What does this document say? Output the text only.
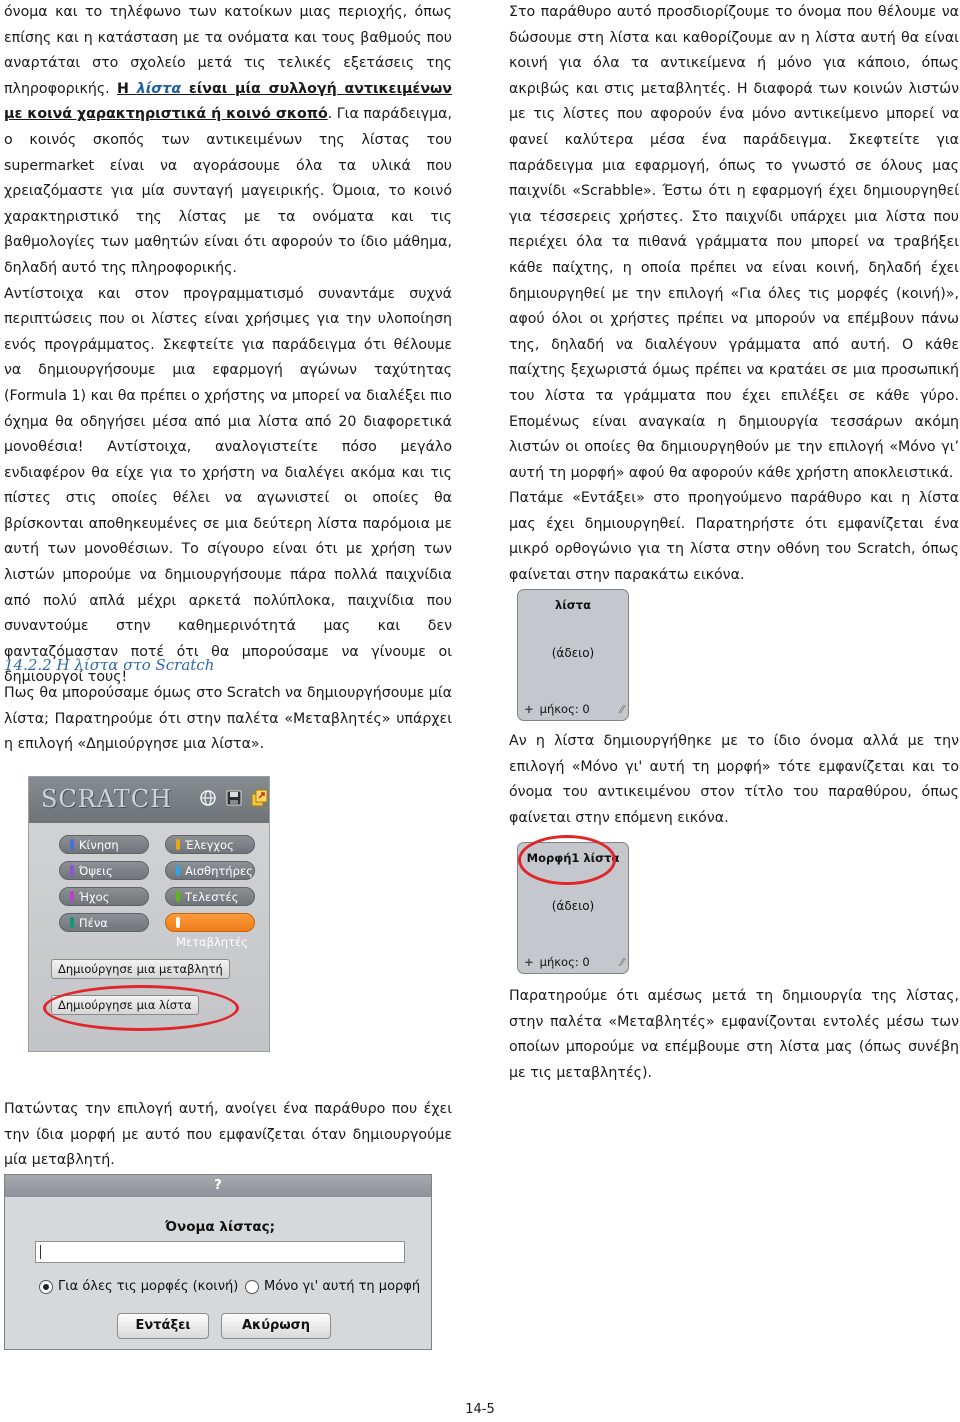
όνομα και το τηλέφωνο των κατοίκων μιας περιοχής, όπως επίσης και η κατάσταση με τα ονόματα και τους βαθμούς που αναρτάται στο σχολείο μετά τις τελικές εξετάσεις της πληροφορικής. Η λίστα είναι μία συλλογή αντικειμένων με κοινά χαρακτηριστικά ή κοινό σκοπό. Για παράδειγμα, ο κοινός σκοπός των αντικειμένων της λίστας του supermarket είναι να αγοράσουμε όλα τα υλικά που χρειαζόμαστε για μία συνταγή μαγειρικής. Όμοια, το κοινό χαρακτηριστικό της λίστας με τα ονόματα και τις βαθμολογίες των μαθητών είναι ότι αφορούν το ίδιο μάθημα, δηλαδή αυτό της πληροφορικής.

Αντίστοιχα και στον προγραμματισμό συναντάμε συχνά περιπτώσεις που οι λίστες είναι χρήσιμες για την υλοποίηση ενός προγράμματος. Σκεφτείτε για παράδειγμα ότι θέλουμε να δημιουργήσουμε μια εφαρμογή αγώνων ταχύτητας (Formula 1) και θα πρέπει ο χρήστης να μπορεί να διαλέξει πιο όχημα θα οδηγήσει μέσα από μια λίστα από 20 διαφορετικά μονοθέσια! Αντίστοιχα, αναλογιστείτε πόσο μεγάλο ενδιαφέρον θα είχε για το χρήστη να διαλέγει ακόμα και τις πίστες στις οποίες θέλει να αγωνιστεί οι οποίες θα βρίσκονται αποθηκευμένες σε μια δεύτερη λίστα παρόμοια με αυτή των μονοθέσιων. Το σίγουρο είναι ότι με χρήση των λιστών μπορούμε να δημιουργήσουμε πάρα πολλά παιχνίδια από πολύ απλά μέχρι αρκετά πολύπλοκα, παιχνίδια που συναντούμε στην καθημερινότητά μας και δεν φανταζόμασταν ποτέ ότι θα μπορούσαμε να γίνουμε οι δημιουργοί τους!

14.2.2 Η λίστα στο Scratch

Πως θα μπορούσαμε όμως στο Scratch να δημιουργήσουμε μία λίστα; Παρατηρούμε ότι στην παλέτα «Μεταβλητές» υπάρχει η επιλογή «Δημιούργησε μια λίστα».

SCRATCH
Κίνηση	Έλεγχος
Όψεις	Αισθητήρες
Ήχος	Τελεστές
Πένα
Μεταβλητές
Δημιούργησε μια μεταβλητή
Δημιούργησε μια λίστα

Πατώντας την επιλογή αυτή, ανοίγει ένα παράθυρο που έχει την ίδια μορφή με αυτό που εμφανίζεται όταν δημιουργούμε μία μεταβλητή.

?
Όνομα λίστας;
Για όλες τις μορφές (κοινή) Μόνο γι' αυτή τη μορφή
Εντάξει	Ακύρωση

Στο παράθυρο αυτό προσδιορίζουμε το όνομα που θέλουμε να δώσουμε στη λίστα και καθορίζουμε αν η λίστα αυτή θα είναι κοινή για όλα τα αντικείμενα ή μόνο για κάποιο, όπως ακριβώς και στις μεταβλητές. Η διαφορά των κοινών λιστών με τις λίστες που αφορούν ένα μόνο αντικείμενο μπορεί να φανεί καλύτερα μέσα ένα παράδειγμα. Σκεφτείτε για παράδειγμα μια εφαρμογή, όπως το γνωστό σε όλους μας παιχνίδι «Scrabble». Έστω ότι η εφαρμογή έχει δημιουργηθεί για τέσσερεις χρήστες. Στο παιχνίδι υπάρχει μια λίστα που περιέχει όλα τα πιθανά γράμματα που μπορεί να τραβήξει κάθε παίχτης, η οποία πρέπει να είναι κοινή, δηλαδή έχει δημιουργηθεί με την επιλογή «Για όλες τις μορφές (κοινή)», αφού όλοι οι χρήστες πρέπει να μπορούν να επέμβουν πάνω της, δηλαδή να διαλέγουν γράμματα από αυτή. Ο κάθε παίχτης ξεχωριστά όμως πρέπει να κρατάει σε μια προσωπική του λίστα τα γράμματα που έχει επιλέξει σε κάθε γύρο. Επομένως είναι αναγκαία η δημιουργία τεσσάρων ακόμη λιστών οι οποίες θα δημιουργηθούν με την επιλογή «Μόνο γι’ αυτή τη μορφή» αφού θα αφορούν κάθε χρήστη αποκλειστικά.

Πατάμε «Εντάξει» στο προηγούμενο παράθυρο και η λίστα μας έχει δημιουργηθεί. Παρατηρήστε ότι εμφανίζεται ένα μικρό ορθογώνιο για τη λίστα στην οθόνη του Scratch, όπως φαίνεται στην παρακάτω εικόνα.

λίστα
(άδειο)
+ μήκος: 0	⁄⁄

Αν η λίστα δημιουργήθηκε με το ίδιο όνομα αλλά με την επιλογή «Μόνο γι' αυτή τη μορφή» τότε εμφανίζεται και το όνομα του αντικειμένου στον τίτλο του παραθύρου, όπως φαίνεται στην επόμενη εικόνα.

Μορφή1 λίστα
(άδειο)
+ μήκος: 0	⁄⁄

Παρατηρούμε ότι αμέσως μετά τη δημιουργία της λίστας, στην παλέτα «Μεταβλητές» εμφανίζονται εντολές μέσω των οποίων μπορούμε να επέμβουμε στη λίστα μας (όπως συνέβη με τις μεταβλητές).

14-5
